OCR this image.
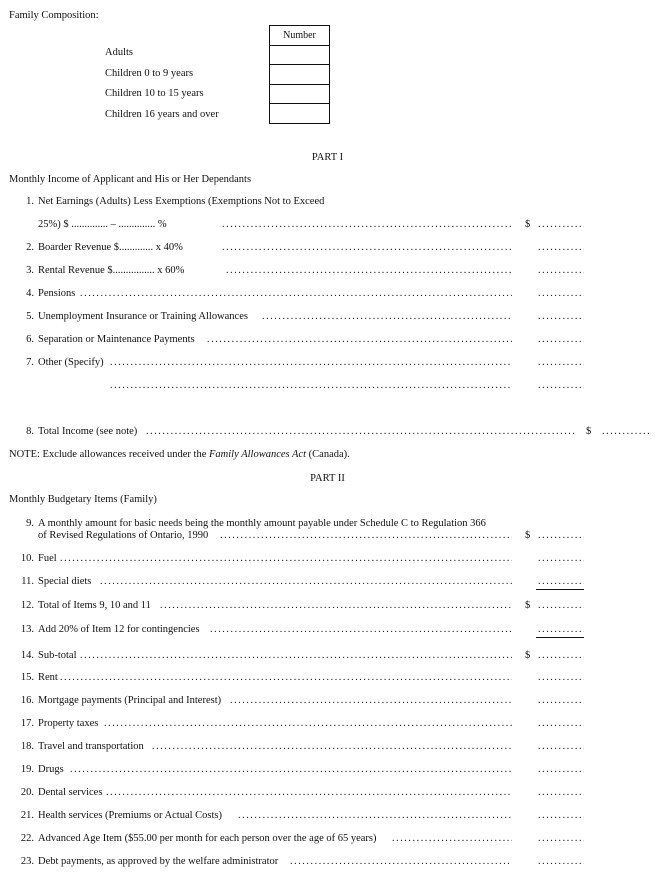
Family Composition:
Number

Adults
Children 0 to 9 years
Children 10 to 15 years
Children 16 years and over
PART I
Monthly Income of Applicant and His or Her Dependants
1. Net Earnings (Adults) Less Exemptions (Exemptions Not to Exceed
25%) $ .............. – .............. % .....	$
.....
2. Boarder Revenue $............. x 40%
.....
.....
3. Rental Revenue $................ x 60%
.....
.....
4. Pensions
.....
.....
5. Unemployment Insurance or Training Allowances
.....
.....
6. Separation or Maintenance Payments
.....
.....
7. Other (Specify)
.....
.....
.....
.....
8. Total Income (see note) .....	$
.....
NOTE: Exclude allowances received under the Family Allowances Act (Canada).
PART II
Monthly Budgetary Items (Family)
9. A monthly amount for basic needs being the monthly amount payable under Schedule C to Regulation 366
of Revised Regulations of Ontario, 1990 .....	$
.....
10. Fuel
.....
.....
11. Special diets
.....
.....
12. Total of Items 9, 10 and 11 .....	$
.....
13. Add 20% of Item 12 for contingencies
.....
.....
14. Sub-total .....	$
.....
15. Rent
.....
.....
16. Mortgage payments (Principal and Interest)
.....
.....
17. Property taxes
.....
.....
18. Travel and transportation
.....
.....
19. Drugs
.....
.....
20. Dental services
.....
.....
21. Health services (Premiums or Actual Costs)
.....
.....
22. Advanced Age Item ($55.00 per month for each person over the age of 65 years)
.....
.....
23. Debt payments, as approved by the welfare administrator
.....
.....
